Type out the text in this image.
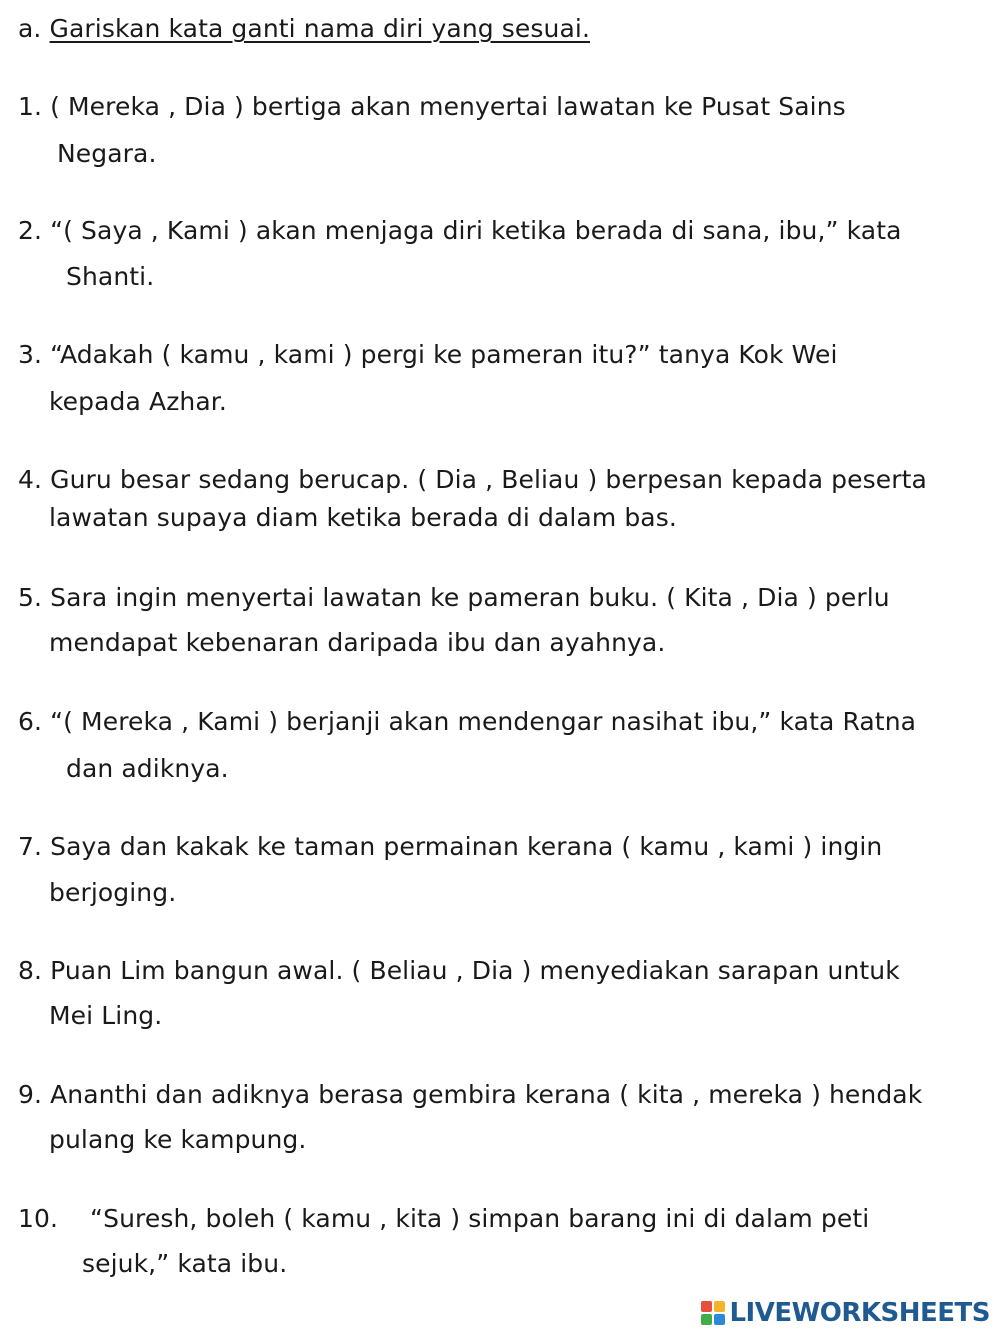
a. Gariskan kata ganti nama diri yang sesuai.
1. ( Mereka , Dia ) bertiga akan menyertai lawatan ke Pusat Sains
Negara.
2. “( Saya , Kami ) akan menjaga diri ketika berada di sana, ibu,” kata
Shanti.
3. “Adakah ( kamu , kami ) pergi ke pameran itu?” tanya Kok Wei
kepada Azhar.
4. Guru besar sedang berucap. ( Dia , Beliau ) berpesan kepada peserta
lawatan supaya diam ketika berada di dalam bas.
5. Sara ingin menyertai lawatan ke pameran buku. ( Kita , Dia ) perlu
mendapat kebenaran daripada ibu dan ayahnya.
6. “( Mereka , Kami ) berjanji akan mendengar nasihat ibu,” kata Ratna
dan adiknya.
7. Saya dan kakak ke taman permainan kerana ( kamu , kami ) ingin
berjoging.
8. Puan Lim bangun awal. ( Beliau , Dia ) menyediakan sarapan untuk
Mei Ling.
9. Ananthi dan adiknya berasa gembira kerana ( kita , mereka ) hendak
pulang ke kampung.
10. “Suresh, boleh ( kamu , kita ) simpan barang ini di dalam peti
sejuk,” kata ibu.
LIVEWORKSHEETS
